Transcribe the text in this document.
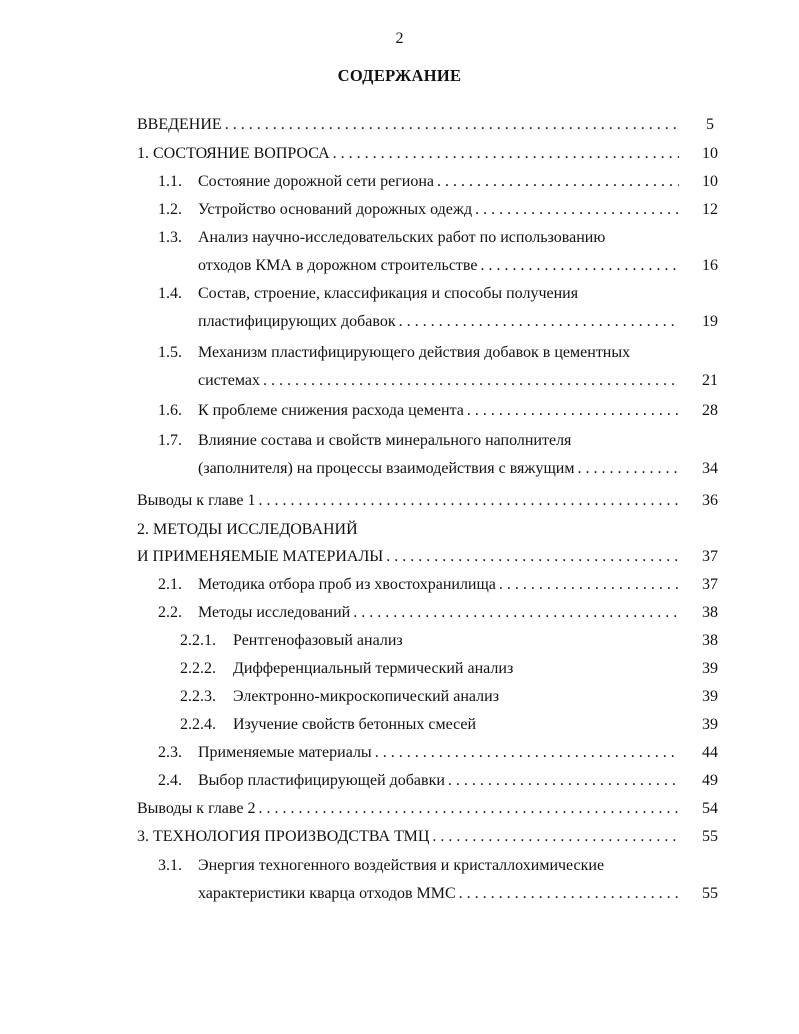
2
СОДЕРЖАНИЕ
ВВЕДЕНИЕ . . .	5
1. СОСТОЯНИЕ ВОПРОСА . . .	10
1.1. Состояние дорожной сети региона . . .	10
1.2. Устройство оснований дорожных одежд . . .	12
1.3. Анализ научно-исследовательских работ по использованию
отходов КМА в дорожном строительстве . . .	16
1.4. Состав, строение, классификация и способы получения
пластифицирующих добавок . . .	19
1.5. Механизм пластифицирующего действия добавок в цементных
системах . . .	21
1.6. К проблеме снижения расхода цемента . . .	28
1.7. Влияние состава и свойств минерального наполнителя
(заполнителя) на процессы взаимодействия с вяжущим . . .	34
Выводы к главе 1 . . .	36
2. МЕТОДЫ ИССЛЕДОВАНИЙ
И ПРИМЕНЯЕМЫЕ МАТЕРИАЛЫ . . .	37
2.1. Методика отбора проб из хвостохранилища . . .	37
2.2. Методы исследований . . .	38
2.2.1. Рентгенофазовый анализ	38
2.2.2. Дифференциальный термический анализ	39
2.2.3. Электронно-микроскопический анализ	39
2.2.4. Изучение свойств бетонных смесей	39
2.3. Применяемые материалы . . .	44
2.4. Выбор пластифицирующей добавки . . .	49
Выводы к главе 2 . . .	54
3. ТЕХНОЛОГИЯ ПРОИЗВОДСТВА ТМЦ . . .	55
3.1. Энергия техногенного воздействия и кристаллохимические
характеристики кварца отходов ММС . . .	55
